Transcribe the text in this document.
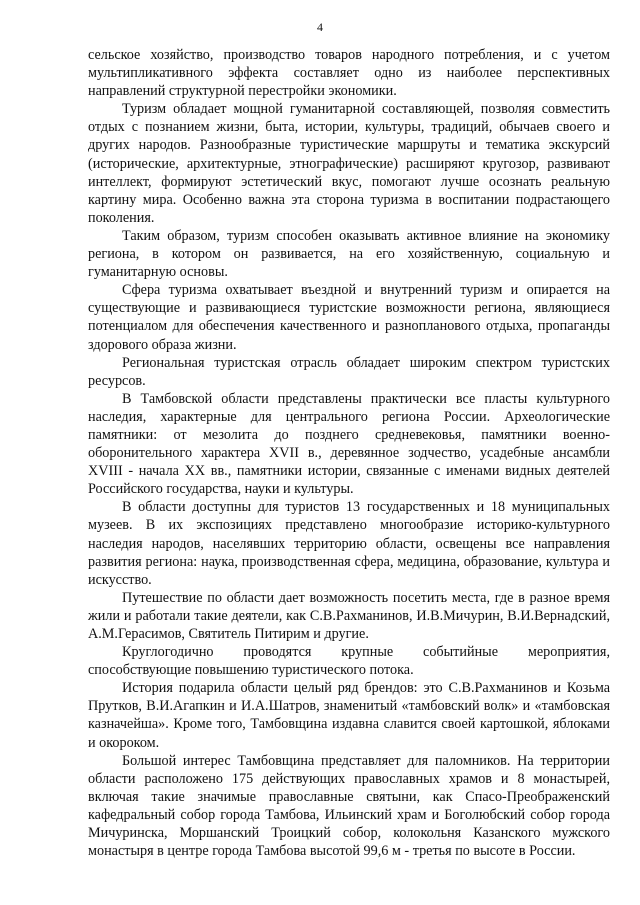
4

сельское хозяйство, производство товаров народного потребления, и с учетом мультипликативного эффекта составляет одно из наиболее перспективных направлений структурной перестройки экономики.

Туризм обладает мощной гуманитарной составляющей, позволяя совместить отдых с познанием жизни, быта, истории, культуры, традиций, обычаев своего и других народов. Разнообразные туристические маршруты и тематика экскурсий (исторические, архитектурные, этнографические) расширяют кругозор, развивают интеллект, формируют эстетический вкус, помогают лучше осознать реальную картину мира. Особенно важна эта сторона туризма в воспитании подрастающего поколения.

Таким образом, туризм способен оказывать активное влияние на экономику региона, в котором он развивается, на его хозяйственную, социальную и гуманитарную основы.

Сфера туризма охватывает въездной и внутренний туризм и опирается на существующие и развивающиеся туристские возможности региона, являющиеся потенциалом для обеспечения качественного и разнопланового отдыха, пропаганды здорового образа жизни.

Региональная туристская отрасль обладает широким спектром туристских ресурсов.

В Тамбовской области представлены практически все пласты культурного наследия, характерные для центрального региона России. Археологические памятники: от мезолита до позднего средневековья, памятники военно-оборонительного характера XVII в., деревянное зодчество, усадебные ансамбли XVIII - начала XX вв., памятники истории, связанные с именами видных деятелей Российского государства, науки и культуры.

В области доступны для туристов 13 государственных и 18 муниципальных музеев. В их экспозициях представлено многообразие историко-культурного наследия народов, населявших территорию области, освещены все направления развития региона: наука, производственная сфера, медицина, образование, культура и искусство.

Путешествие по области дает возможность посетить места, где в разное время жили и работали такие деятели, как С.В.Рахманинов, И.В.Мичурин, В.И.Вернадский, А.М.Герасимов, Святитель Питирим и другие.

Круглогодично проводятся крупные событийные мероприятия, способствующие повышению туристического потока.

История подарила области целый ряд брендов: это С.В.Рахманинов и Козьма Прутков, В.И.Агапкин и И.А.Шатров, знаменитый «тамбовский волк» и «тамбовская казначейша». Кроме того, Тамбовщина издавна славится своей картошкой, яблоками и окороком.

Большой интерес Тамбовщина представляет для паломников. На территории области расположено 175 действующих православных храмов и 8 монастырей, включая такие значимые православные святыни, как Спасо-Преображенский кафедральный собор города Тамбова, Ильинский храм и Боголюбский собор города Мичуринска, Моршанский Троицкий собор, колокольня Казанского мужского монастыря в центре города Тамбова высотой 99,6 м - третья по высоте в России.
